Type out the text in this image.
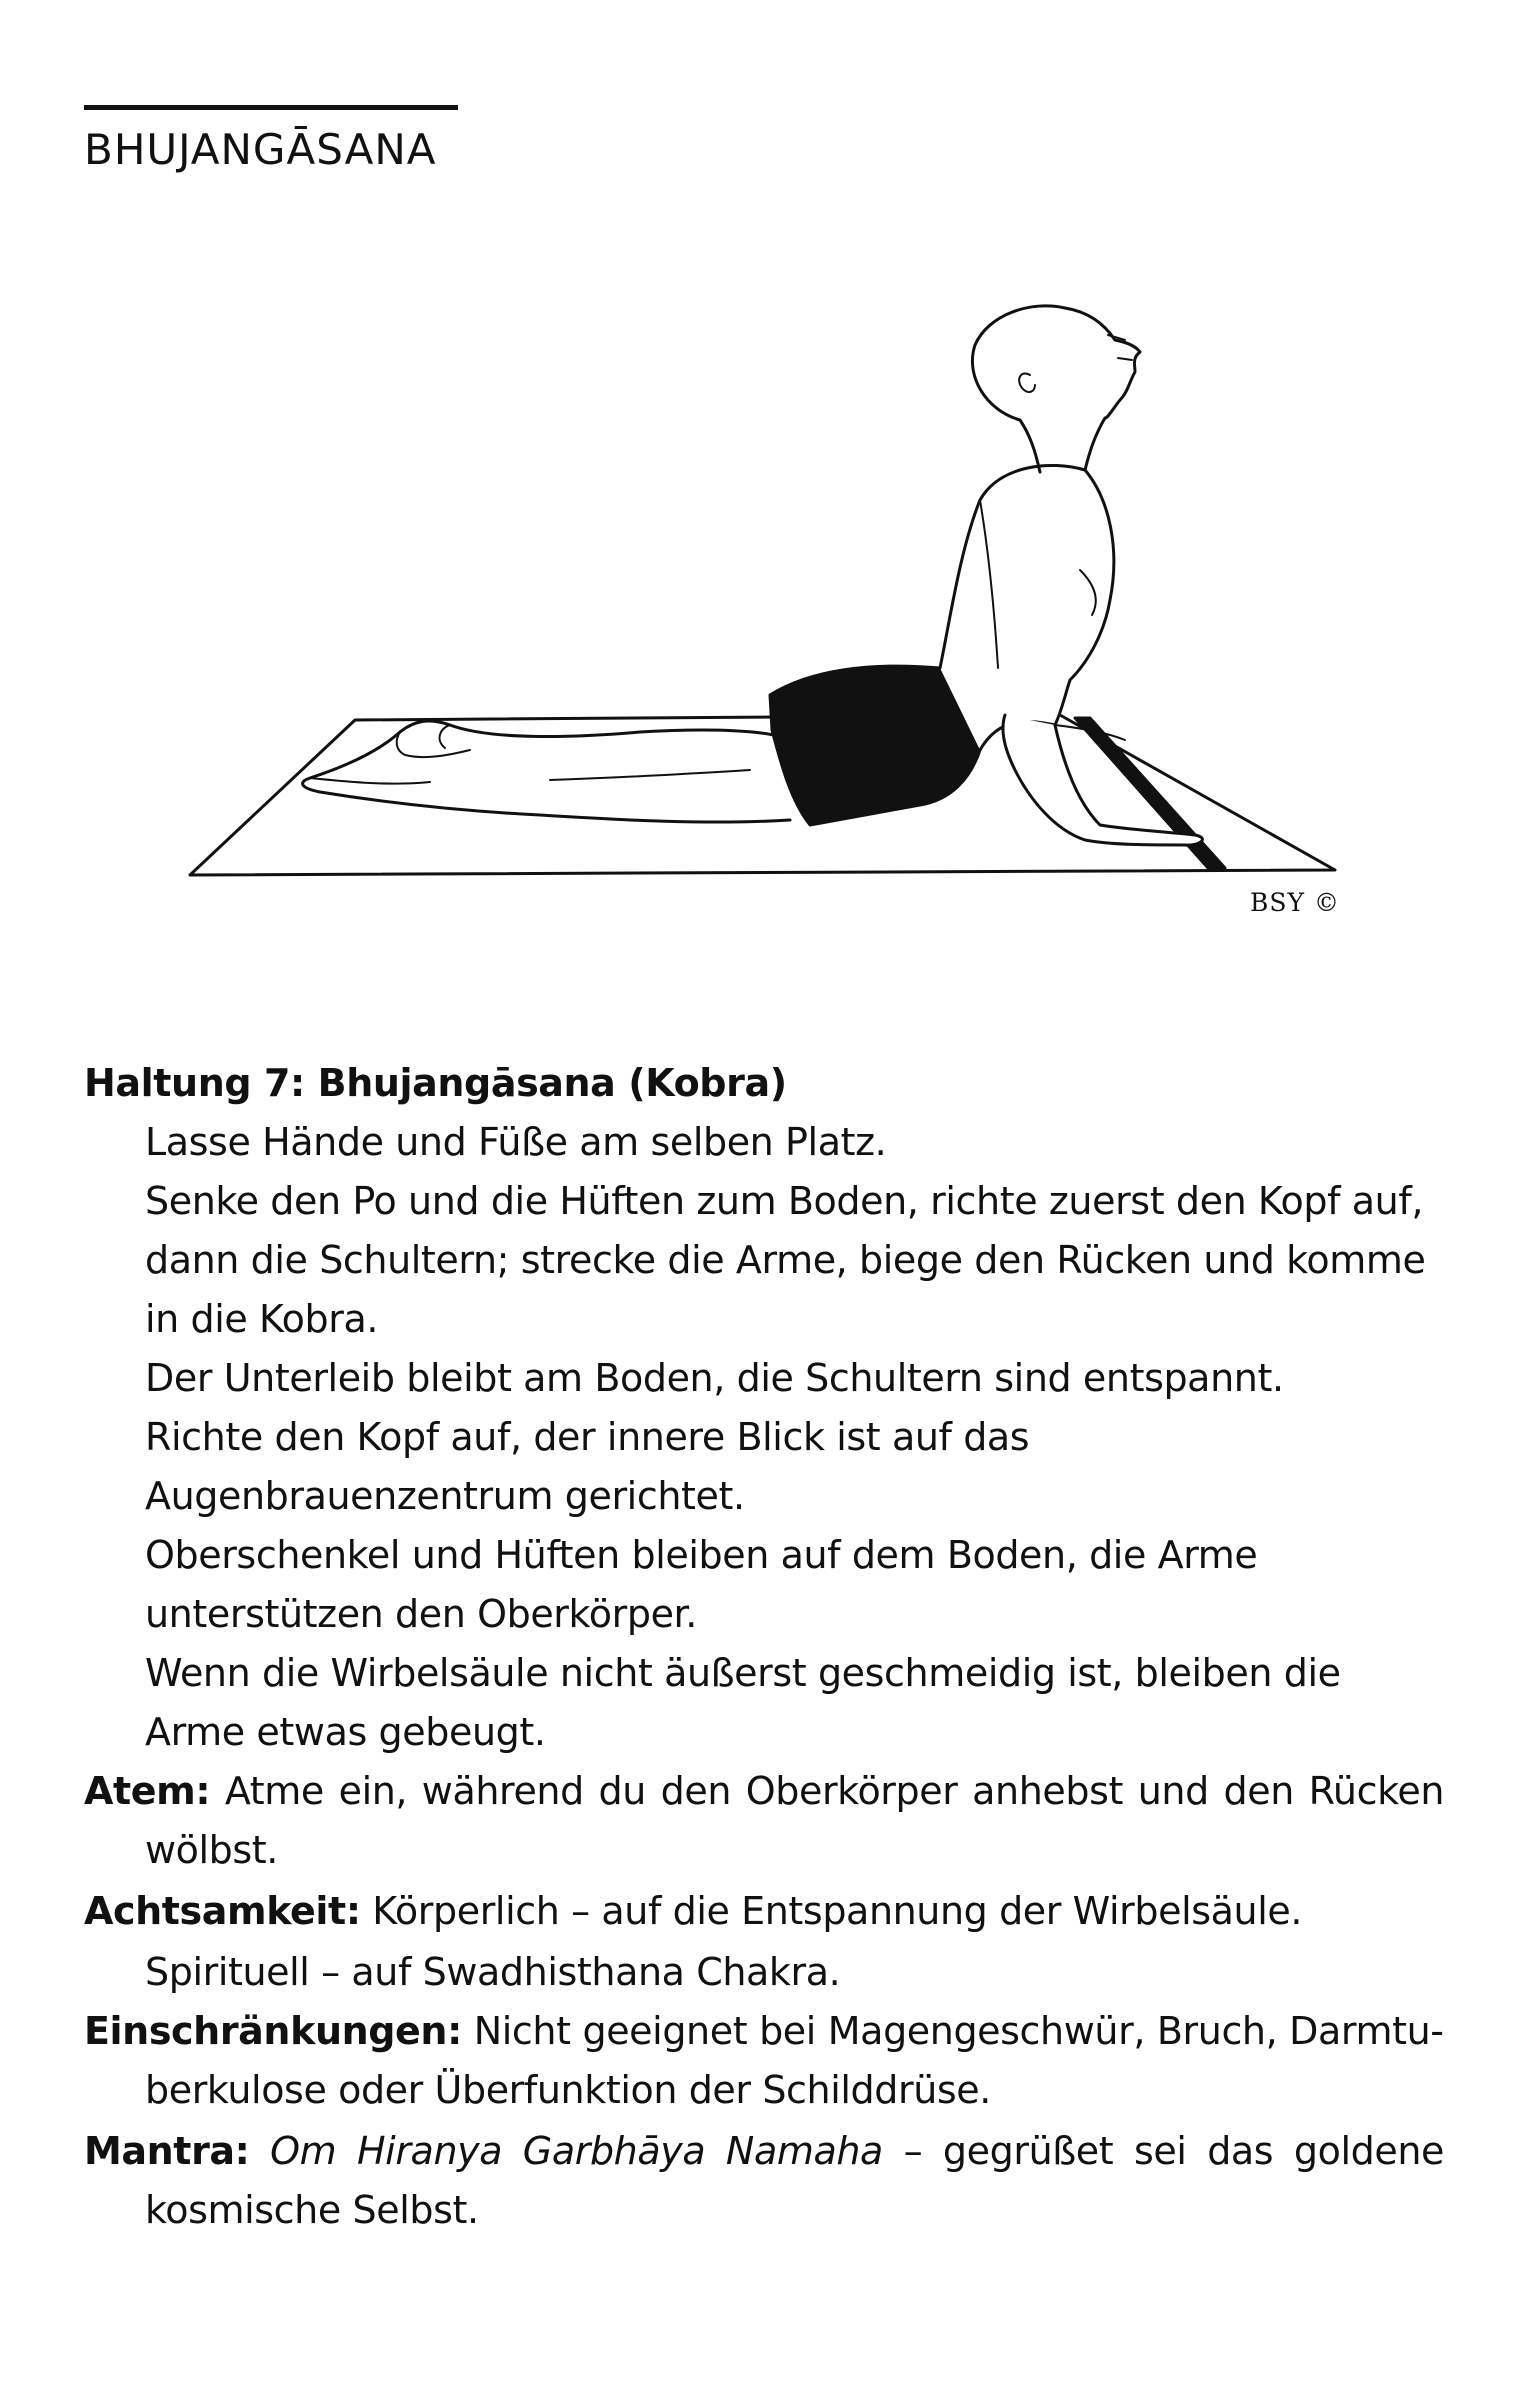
BHUJANGĀSANA
BSY ©

Haltung 7: Bhujangāsana (Kobra)

Lasse Hände und Füße am selben Platz.

Senke den Po und die Hüften zum Boden, richte zuerst den Kopf auf, dann die Schultern; strecke die Arme, biege den Rücken und komme in die Kobra.

Der Unterleib bleibt am Boden, die Schultern sind entspannt.

Richte den Kopf auf, der innere Blick ist auf das Augenbrauenzentrum gerichtet.

Oberschenkel und Hüften bleiben auf dem Boden, die Arme unterstützen den Oberkörper.

Wenn die Wirbelsäule nicht äußerst geschmeidig ist, bleiben die Arme etwas gebeugt.

Atem: Atme ein, während du den Oberkörper anhebst und den Rücken wölbst.

Achtsamkeit: Körperlich – auf die Entspannung der Wirbelsäule.

Spirituell – auf Swadhisthana Chakra.

Einschränkungen: Nicht geeignet bei Magengeschwür, Bruch, Darmtuberkulose oder Überfunktion der Schilddrüse.

Mantra: Om Hiranya Garbhāya Namaha – gegrüßet sei das goldene kosmische Selbst.
